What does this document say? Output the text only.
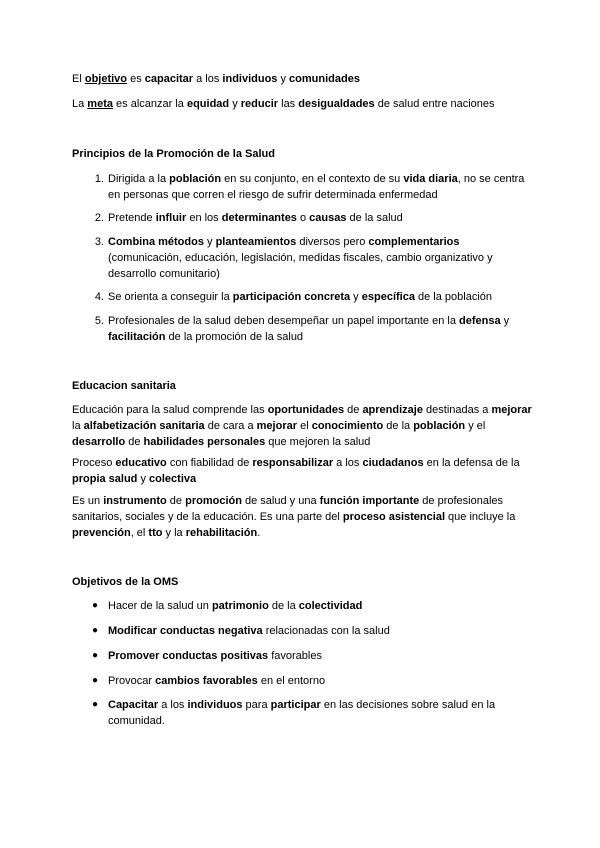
El objetivo es capacitar a los individuos y comunidades

La meta es alcanzar la equidad y reducir las desigualdades de salud entre naciones

Principios de la Promoción de la Salud
1. Dirigida a la población en su conjunto, en el contexto de su vida diaria, no se centra en personas que corren el riesgo de sufrir determinada enfermedad
2. Pretende influir en los determinantes o causas de la salud
3. Combina métodos y planteamientos diversos pero complementarios (comunicación, educación, legislación, medidas fiscales, cambio organizativo y desarrollo comunitario)
4. Se orienta a conseguir la participación concreta y específica de la población
5. Profesionales de la salud deben desempeñar un papel importante en la defensa y facilitación de la promoción de la salud
Educacion sanitaria

Educación para la salud comprende las oportunidades de aprendizaje destinadas a mejorar la alfabetización sanitaria de cara a mejorar el conocimiento de la población y el desarrollo de habilidades personales que mejoren la salud

Proceso educativo con fiabilidad de responsabilizar a los ciudadanos en la defensa de la propia salud y colectiva

Es un instrumento de promoción de salud y una función importante de profesionales sanitarios, sociales y de la educación. Es una parte del proceso asistencial que incluye la prevención, el tto y la rehabilitación.

Objetivos de la OMS
● Hacer de la salud un patrimonio de la colectividad
● Modificar conductas negativa relacionadas con la salud
● Promover conductas positivas favorables
● Provocar cambios favorables en el entorno
● Capacitar a los individuos para participar en las decisiones sobre salud en la comunidad.
